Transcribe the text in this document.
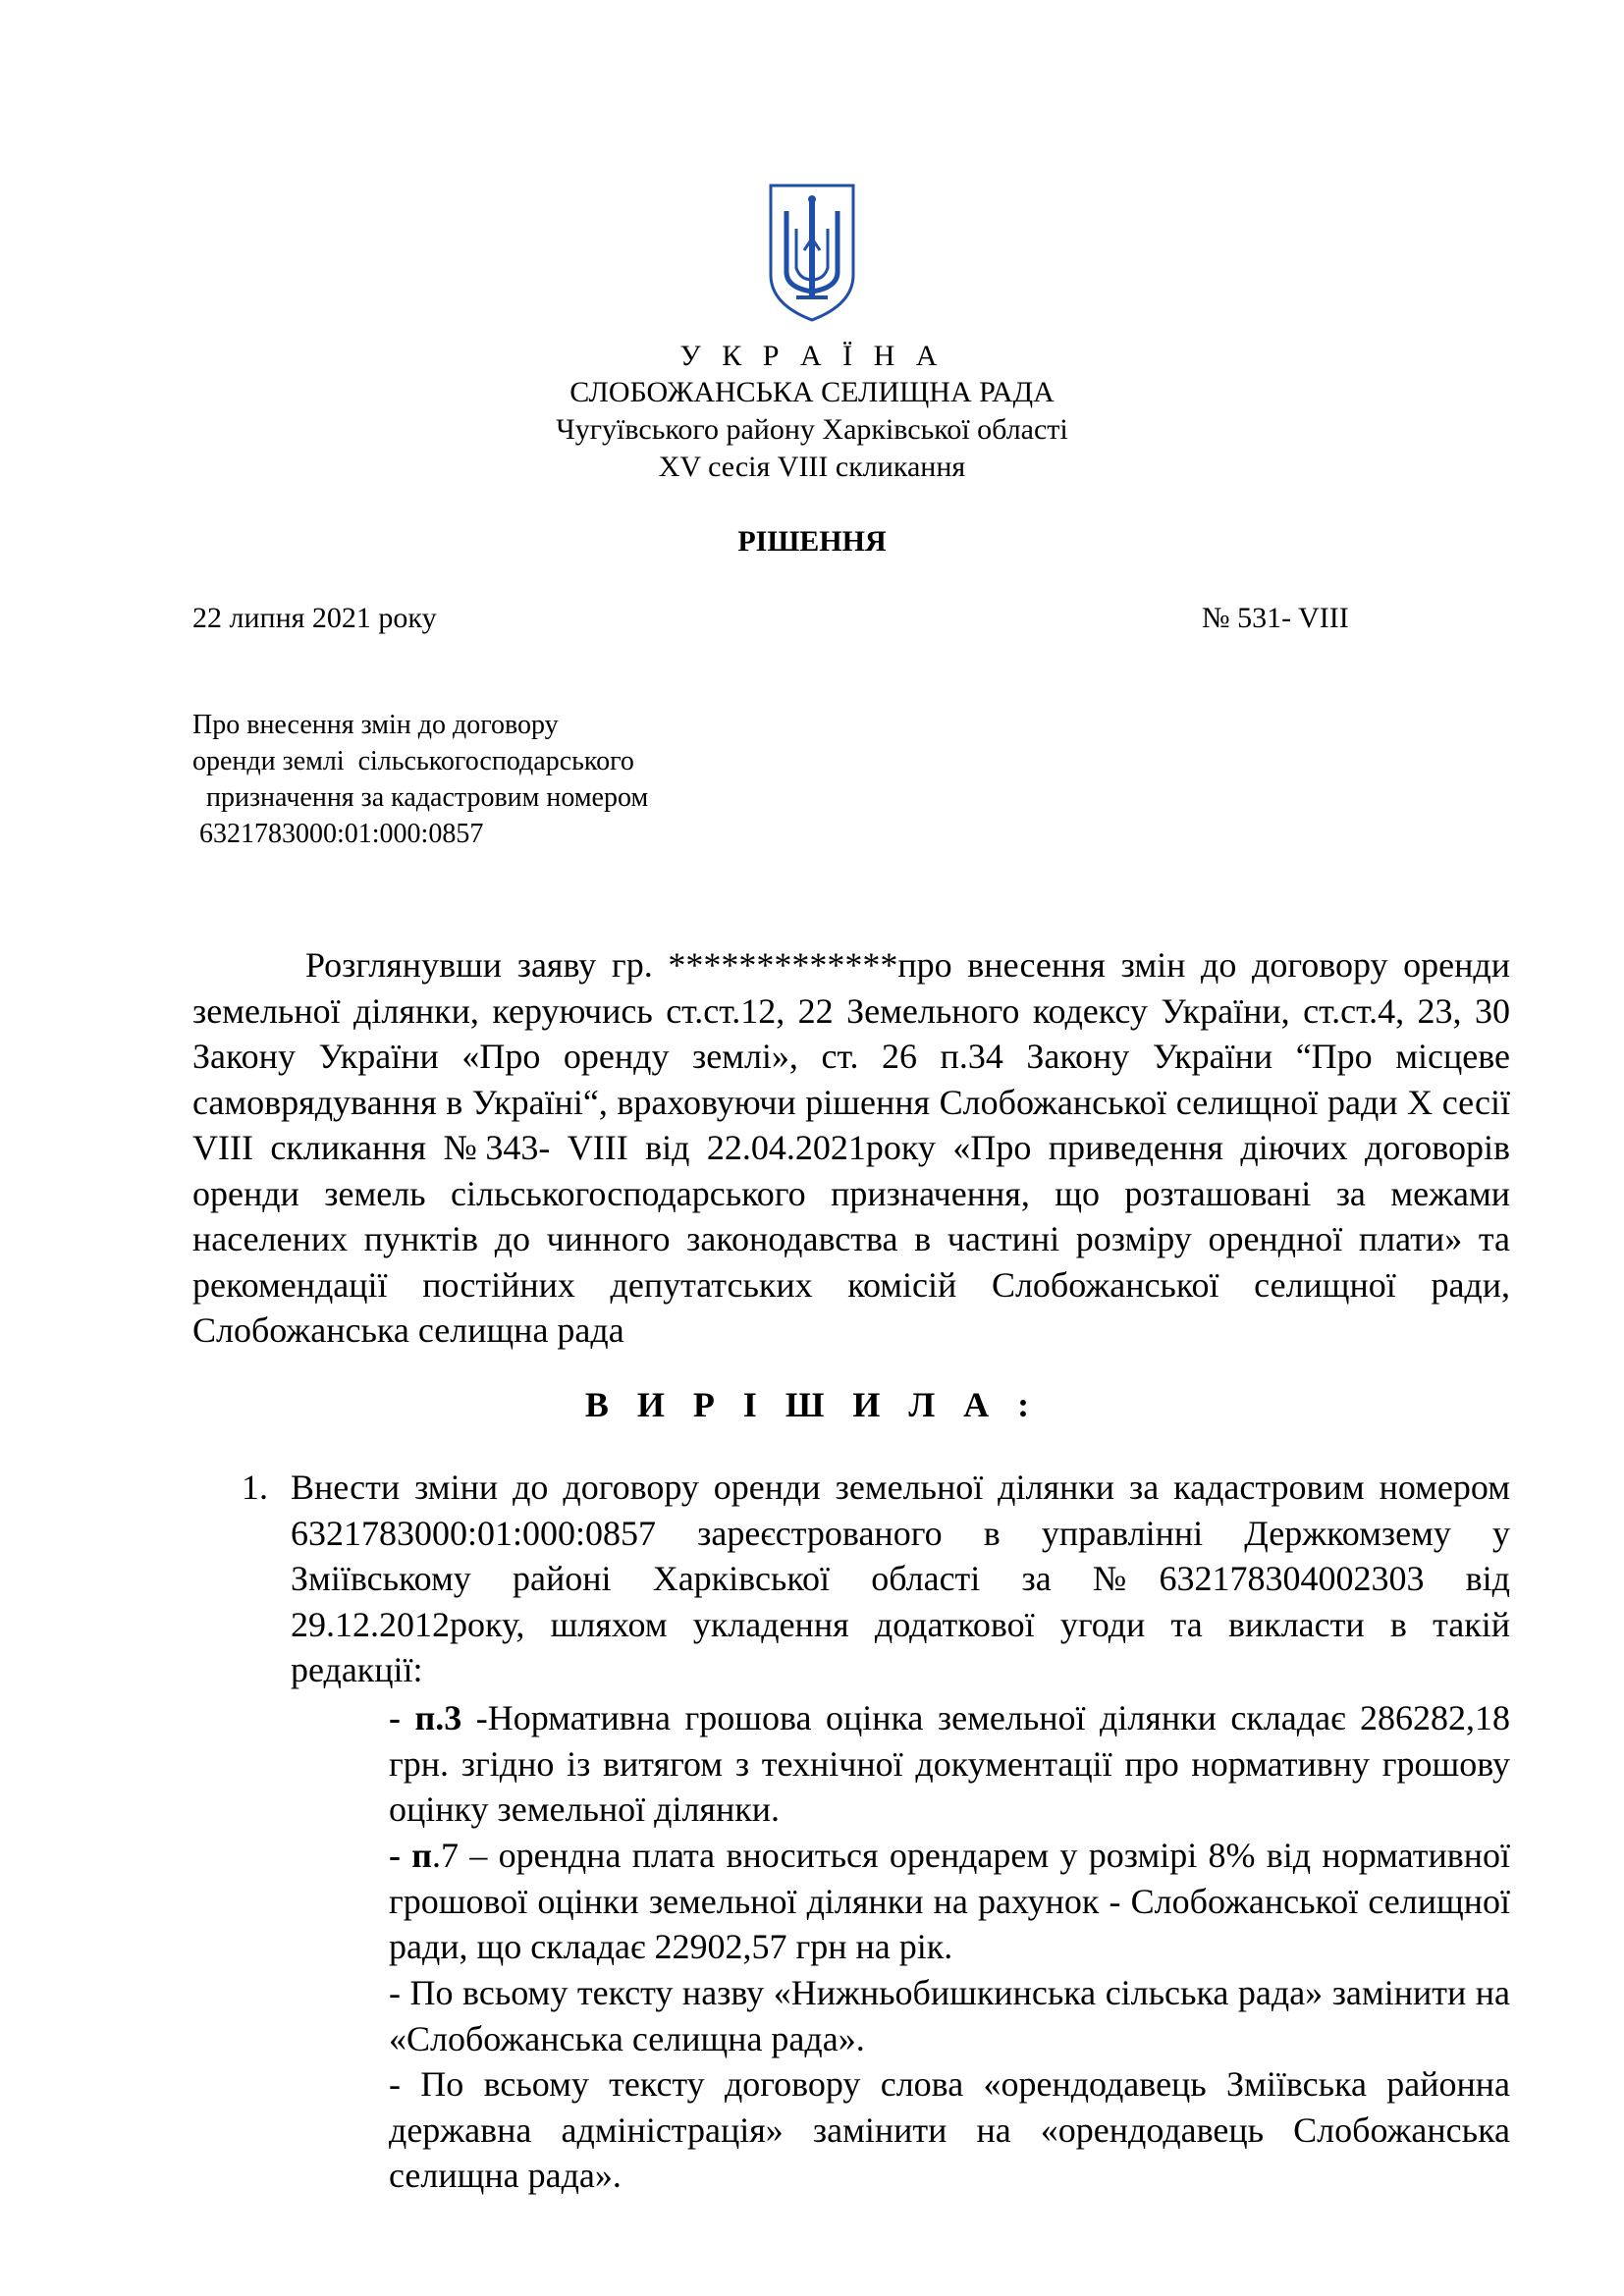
У К Р А Ї Н А
СЛОБОЖАНСЬКА СЕЛИЩНА РАДА
Чугуївського району Харківської області
XV сесія VIII скликання
РІШЕННЯ
22 липня 2021 року	№ 531- VIII
Про внесення змін до договору
оренди землі  сільськогосподарського
призначення за кадастровим номером
6321783000:01:000:0857
Розглянувши заяву гр. *************про внесення змін до договору оренди земельної ділянки, керуючись ст.ст.12, 22 Земельного кодексу України, ст.ст.4, 23, 30 Закону України «Про оренду землі», ст. 26 п.34 Закону України “Про місцеве самоврядування в Україні“, враховуючи рішення Слобожанської селищної ради X сесії VIII скликання №343- VIII від 22.04.2021року «Про приведення діючих договорів оренди земель сільськогосподарського призначення, що розташовані за межами населених пунктів до чинного законодавства в частині розміру орендної плати» та рекомендації постійних депутатських комісій Слобожанської селищної ради, Слобожанська селищна рада
В И Р І Ш И Л А :
1. Внести зміни до договору оренди земельної ділянки за кадастровим номером 6321783000:01:000:0857 зареєстрованого в управлінні Держкомзему у Зміївському районі Харківської області за №632178304002303 від 29.12.2012року, шляхом укладення додаткової угоди та викласти в такій редакції:
- п.3 -Нормативна грошова оцінка земельної ділянки складає 286282,18 грн. згідно із витягом з технічної документації про нормативну грошову оцінку земельної ділянки.
- п.7 – орендна плата вноситься орендарем у розмірі 8% від нормативної грошової оцінки земельної ділянки на рахунок - Слобожанської селищної ради, що складає 22902,57 грн на рік.
- По всьому тексту назву «Нижньобишкинська сільська рада» замінити на «Слобожанська селищна рада».
- По всьому тексту договору слова «орендодавець Зміївська районна державна адміністрація» замінити на «орендодавець Слобожанська селищна рада».
